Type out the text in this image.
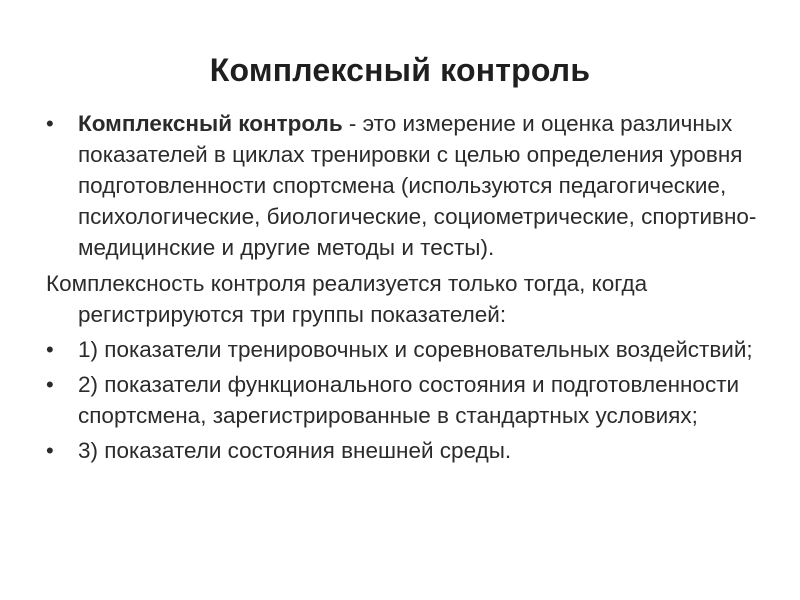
Комплексный контроль

•	Комплексный контроль - это измерение и оценка различных показателей в циклах тренировки с целью определения уровня подготовленности спортсмена (используются педагогические, психологические, биологические, социометрические, спортивно-медицинские и другие методы и тесты).

Комплексность контроля реализуется только тогда, когда регистрируются три группы показателей:

•	1) показатели тренировочных и соревновательных воздействий;

•	2) показатели функционального состояния и подготовленности спортсмена, зарегистрированные в стандартных условиях;

•	3) показатели состояния внешней среды.
